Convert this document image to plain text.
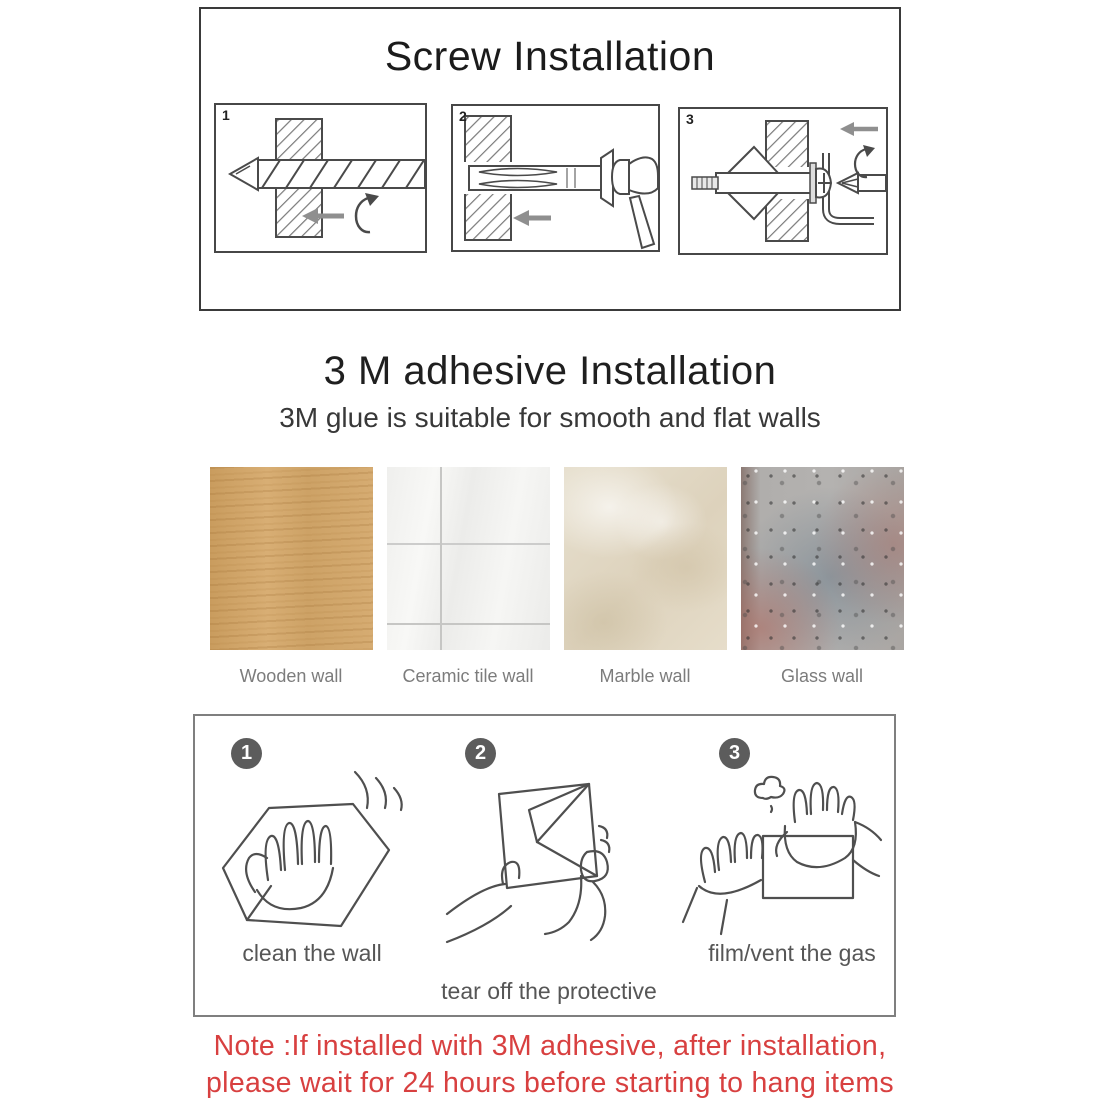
Screw Installation
1	2	3
3 M adhesive Installation
3M glue is suitable for smooth and flat walls
Wooden wall	Ceramic tile wall	Marble wall	Glass wall
1	2	3
clean the wall
tear off the protective
film/vent the gas
Note :If installed with 3M adhesive, after installation,
please wait for 24 hours before starting to hang items
